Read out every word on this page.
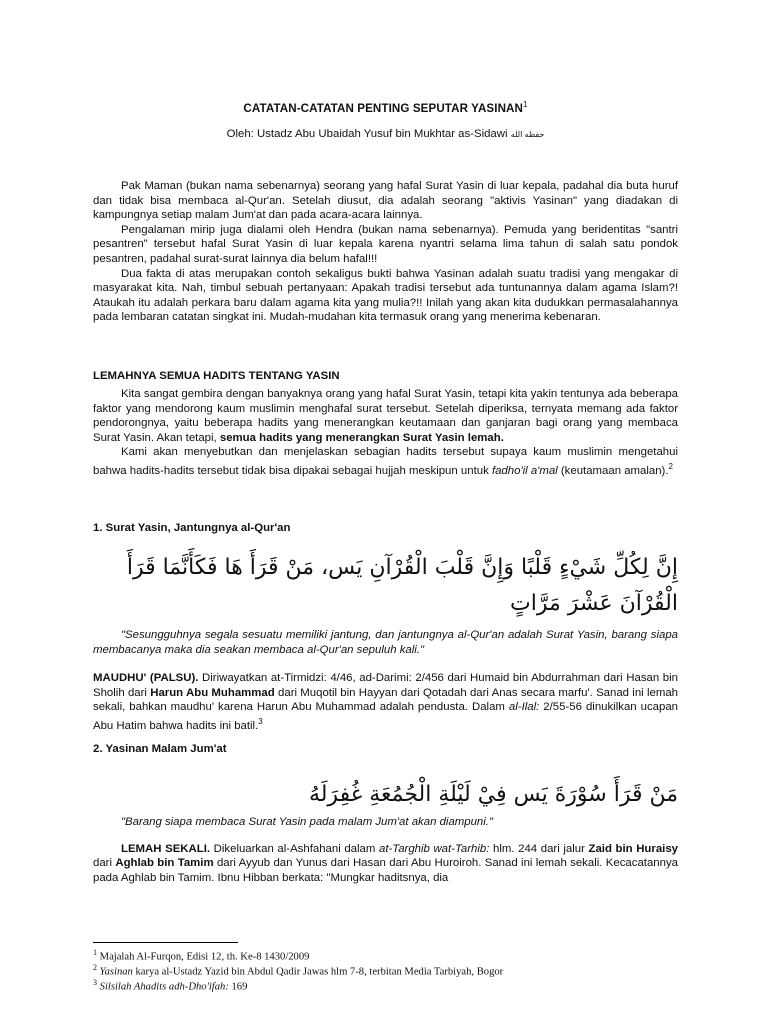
CATATAN-CATATAN PENTING SEPUTAR YASINAN$^1$
Oleh: Ustadz Abu Ubaidah Yusuf bin Mukhtar as-Sidawi حفظه الله

Pak Maman (bukan nama sebenarnya) seorang yang hafal Surat Yasin di luar kepala, padahal dia buta huruf dan tidak bisa membaca al-Qur'an. Setelah diusut, dia adalah seorang "aktivis Yasinan" yang diadakan di kampungnya setiap malam Jum'at dan pada acara-acara lainnya.

Pengalaman mirip juga dialami oleh Hendra (bukan nama sebenarnya). Pemuda yang beridentitas "santri pesantren" tersebut hafal Surat Yasin di luar kepala karena nyantri selama lima tahun di salah satu pondok pesantren, padahal surat-surat lainnya dia belum hafal!!!

Dua fakta di atas merupakan contoh sekaligus bukti bahwa Yasinan adalah suatu tradisi yang mengakar di masyarakat kita. Nah, timbul sebuah pertanyaan: Apakah tradisi tersebut ada tuntunannya dalam agama Islam?! Ataukah itu adalah perkara baru dalam agama kita yang mulia?!! Inilah yang akan kita dudukkan permasalahannya pada lembaran catatan singkat ini. Mudah-mudahan kita termasuk orang yang menerima kebenaran.

LEMAHNYA SEMUA HADITS TENTANG YASIN

Kita sangat gembira dengan banyaknya orang yang hafal Surat Yasin, tetapi kita yakin tentunya ada beberapa faktor yang mendorong kaum muslimin menghafal surat tersebut. Setelah diperiksa, ternyata memang ada faktor pendorongnya, yaitu beberapa hadits yang menerangkan keutamaan dan ganjaran bagi orang yang membaca Surat Yasin. Akan tetapi, semua hadits yang menerangkan Surat Yasin lemah.

Kami akan menyebutkan dan menjelaskan sebagian hadits tersebut supaya kaum muslimin mengetahui bahwa hadits-hadits tersebut tidak bisa dipakai sebagai hujjah meskipun untuk fadho'il a'mal (keutamaan amalan).$^2$

1. Surat Yasin, Jantungnya al-Qur'an

إِنَّ لِكُلِّ شَيْءٍ قَلْبًا وَإِنَّ قَلْبَ الْقُرْآنِ يَس، مَنْ قَرَأَ هَا فَكَأَنَّمَا قَرَأَ الْقُرْآنَ عَشْرَ مَرَّاتٍ

"Sesungguhnya segala sesuatu memiliki jantung, dan jantungnya al-Qur'an adalah Surat Yasin, barang siapa membacanya maka dia seakan membaca al-Qur'an sepuluh kali."

MAUDHU' (PALSU). Diriwayatkan at-Tirmidzi: 4/46, ad-Darimi: 2/456 dari Humaid bin Abdurrahman dari Hasan bin Sholih dari Harun Abu Muhammad dari Muqotil bin Hayyan dari Qotadah dari Anas secara marfu'. Sanad ini lemah sekali, bahkan maudhu' karena Harun Abu Muhammad adalah pendusta. Dalam al-Ilal: 2/55-56 dinukilkan ucapan Abu Hatim bahwa hadits ini batil.$^3$

2. Yasinan Malam Jum'at

مَنْ قَرَأَ سُوْرَةَ يَس فِيْ لَيْلَةِ الْجُمُعَةِ غُفِرَلَهُ

"Barang siapa membaca Surat Yasin pada malam Jum'at akan diampuni."

LEMAH SEKALI. Dikeluarkan al-Ashfahani dalam at-Targhib wat-Tarhib: hlm. 244 dari jalur Zaid bin Huraisy dari Aghlab bin Tamim dari Ayyub dan Yunus dari Hasan dari Abu Huroiroh. Sanad ini lemah sekali. Kecacatannya pada Aghlab bin Tamim. Ibnu Hibban berkata: "Mungkar haditsnya, dia

$^1$ Majalah Al-Furqon, Edisi 12, th. Ke-8 1430/2009
$^2$ Yasinan karya al-Ustadz Yazid bin Abdul Qadir Jawas hlm 7-8, terbitan Media Tarbiyah, Bogor
$^3$ Silsilah Ahadits adh-Dho'ifah: 169
